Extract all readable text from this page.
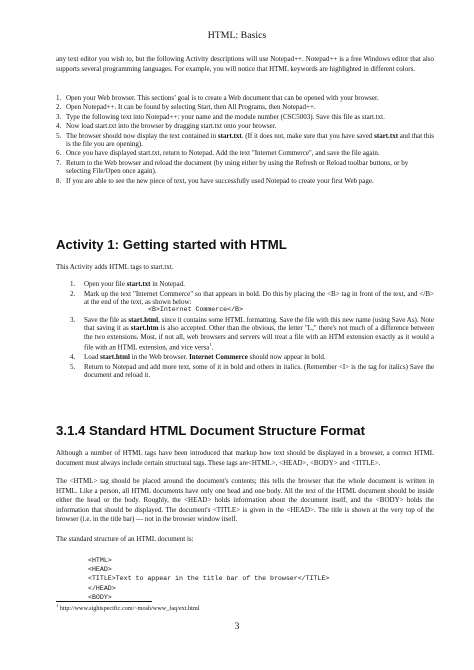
HTML: Basics

any text editor you wish to, but the following Activity descriptions will use Notepad++. Notepad++ is a free Windows editor that also supports several programming languages. For example, you will notice that HTML keywords are highlighted in different colors.

1. Open your Web browser. This sections’ goal is to create a Web document that can be opened with your browser.
2. Open Notepad++. It can be found by selecting Start, then All Programs, then Notepad++.
3. Type the following text into Notepad++: your name and the module number (CSC5003). Save this file as start.txt.
4. Now load start.txt into the browser by dragging start.txt onto your browser.
5. The browser should now display the text contained in start.txt. (If it does not, make sure that you have saved start.txt and that this is the file you are opening).
6. Once you have displayed start.txt, return to Notepad. Add the text "Internet Commerce", and save the file again.
7. Return to the Web browser and reload the document (by using either by using the Refresh or Reload toolbar buttons, or by selecting File/Open once again).
8. If you are able to see the new piece of text, you have successfully used Notepad to create your first Web page.
Activity 1: Getting started with HTML

This Activity adds HTML tags to start.txt.

1. Open your file start.txt in Notepad.
2. Mark up the text "Internet Commerce" so that appears in bold. Do this by placing the <B> tag in front of the text, and </B> at the end of the text, as shown below:
<B>Internet Commerce</B>
3. Save the file as start.html, since it contains some HTML formatting. Save the file with this new name (using Save As). Note that saving it as start.htm is also accepted. Other than the obvious, the letter "L," there's not much of a difference between the two extensions. Most, if not all, web browsers and servers will treat a file with an HTM extension exactly as it would a file with an HTML extension, and vice versa$^1$.
4. Load start.html in the Web browser. Internet Commerce should now appear in bold.
5. Return to Notepad and add more text, some of it in bold and others in italics. (Remember <I> is the tag for italics) Save the document and reload it.
3.1.4 Standard HTML Document Structure Format

Although a number of HTML tags have been introduced that markup how text should be displayed in a browser, a correct HTML document must always include certain structural tags. These tags are<HTML>, <HEAD>, <BODY> and <TITLE>.

The <HTML> tag should be placed around the document's contents; this tells the browser that the whole document is written in HTML. Like a person, all HTML documents have only one head and one body. All the text of the HTML document should be inside either the head or the body. Roughly, the <HEAD> holds information about the document itself, and the <BODY> holds the information that should be displayed. The document's <TITLE> is given in the <HEAD>. The title is shown at the very top of the browser (i.e. in the title bar) — not in the browser window itself.

The standard structure of an HTML document is:

<HTML>
<HEAD>
<TITLE>Text to appear in the title bar of the browser</TITLE>
</HEAD>
<BODY>
$^1$ http://www.sightspecific.com/~mosh/www_faq/ext.html
3
